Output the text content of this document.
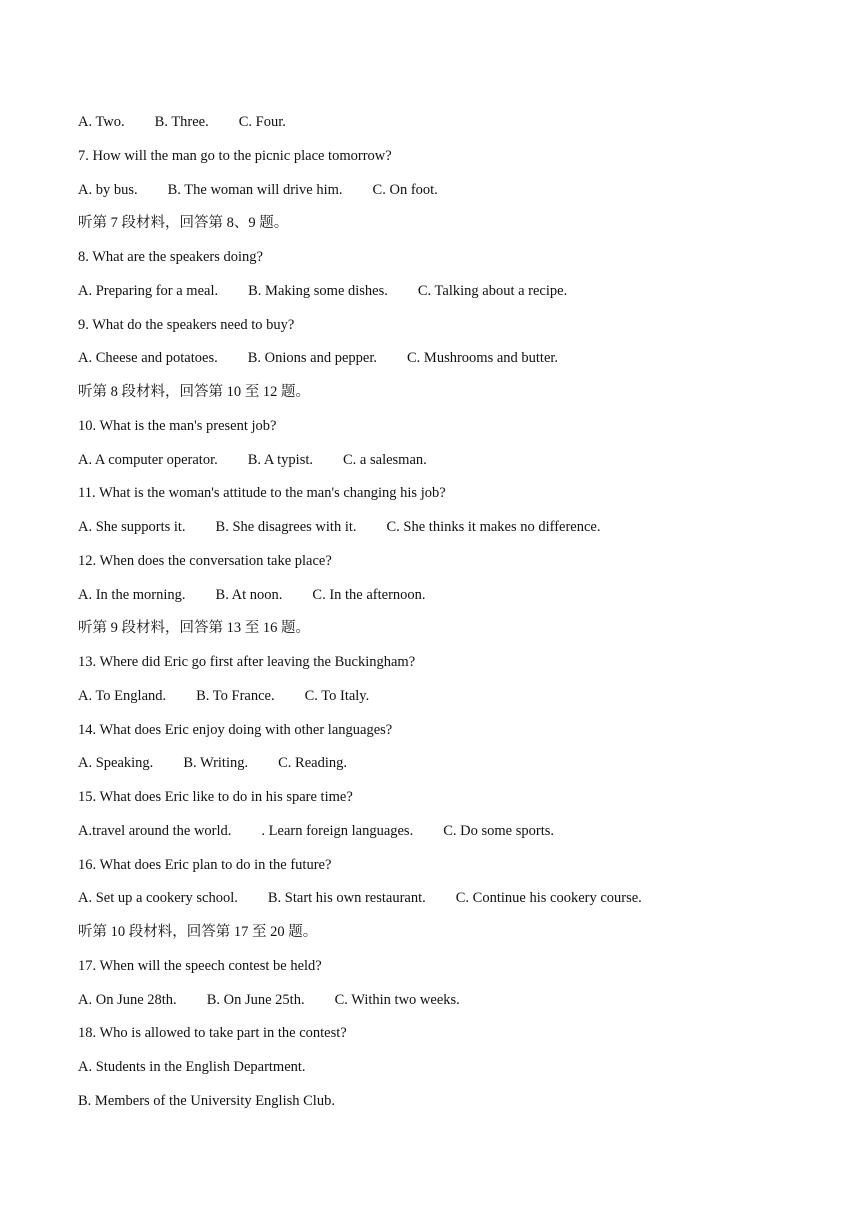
A. Two. B. Three. C. Four.
7. How will the man go to the picnic place tomorrow?
A. by bus. B. The woman will drive him. C. On foot.
听第 7 段材料，回答第 8、9 题。
8. What are the speakers doing?
A. Preparing for a meal. B. Making some dishes. C. Talking about a recipe.
9. What do the speakers need to buy?
A. Cheese and potatoes. B. Onions and pepper. C. Mushrooms and butter.
听第 8 段材料，回答第 10 至 12 题。
10. What is the man's present job?
A. A computer operator. B. A typist. C. a salesman.
11. What is the woman's attitude to the man's changing his job?
A. She supports it. B. She disagrees with it. C. She thinks it makes no difference.
12. When does the conversation take place?
A. In the morning. B. At noon. C. In the afternoon.
听第 9 段材料，回答第 13 至 16 题。
13. Where did Eric go first after leaving the Buckingham?
A. To England. B. To France. C. To Italy.
14. What does Eric enjoy doing with other languages?
A. Speaking. B. Writing. C. Reading.
15. What does Eric like to do in his spare time?
A.travel around the world. . Learn foreign languages. C. Do some sports.
16. What does Eric plan to do in the future?
A. Set up a cookery school. B. Start his own restaurant. C. Continue his cookery course.
听第 10 段材料，回答第 17 至 20 题。
17. When will the speech contest be held?
A. On June 28th. B. On June 25th. C. Within two weeks.
18. Who is allowed to take part in the contest?
A. Students in the English Department.
B. Members of the University English Club.
